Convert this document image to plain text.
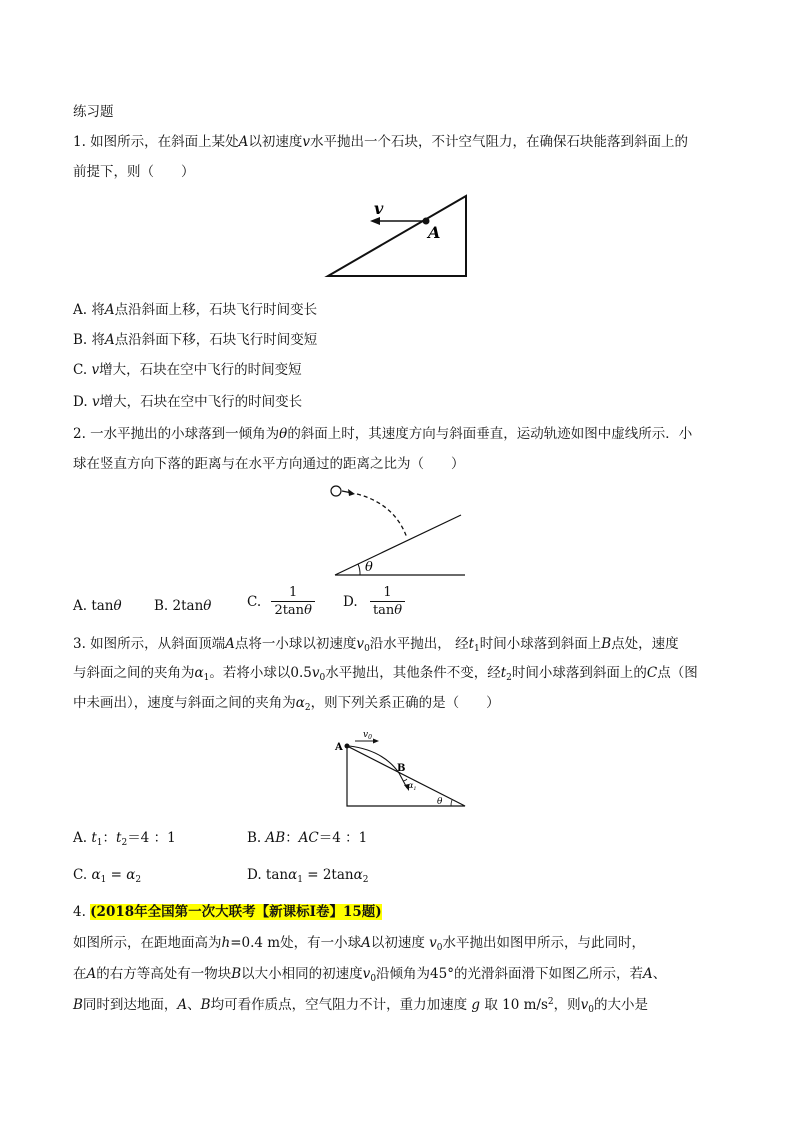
练习题
1. 如图所示，在斜面上某处A以初速度v水平抛出一个石块，不计空气阻力，在确保石块能落到斜面上的
前提下，则（　　）
v
A
A. 将A点沿斜面上移，石块飞行时间变长
B. 将A点沿斜面下移，石块飞行时间变短
C. v增大，石块在空中飞行的时间变短
D. v增大，石块在空中飞行的时间变长
2. 一水平抛出的小球落到一倾角为θ的斜面上时，其速度方向与斜面垂直，运动轨迹如图中虚线所示．小
球在竖直方向下落的距离与在水平方向通过的距离之比为（　　）
θ
A. tanθ B. 2tanθ	C. $\frac{1}{2\tan\theta} D$. $\frac{1}{\tan\theta}$
3. 如图所示，从斜面顶端A点将一小球以初速度$v_0$沿水平抛出， 经$t_1$时间小球落到斜面上B点处，速度
与斜面之间的夹角为$\alpha_1$。若将小球以$0.5v_0$水平抛出，其他条件不变，经$t_2$时间小球落到斜面上的C点（图
中未画出），速度与斜面之间的夹角为$\alpha_2$，则下列关系正确的是（　　）
A
$v_0$
B
$\alpha_1$
θ
A. $t_1$：$t_2=4$ ：1	B. AB：AC＝4 ：1
C. $\alpha_1 = \alpha_2$	D. tanα$_1$ = 2tanα$_2$
4. (2018年全国第一次大联考【新课标Ⅰ卷】15题)
如图所示，在距地面高为h=0.4 m处，有一小球A以初速度 $v_0$水平抛出如图甲所示，与此同时，
在A的右方等高处有一物块B以大小相同的初速度$v_0$沿倾角为45°的光滑斜面滑下如图乙所示，若A、
B同时到达地面，A、B均可看作质点，空气阻力不计，重力加速度 g 取 10 $m/s^2$，则$v_0$的大小是
